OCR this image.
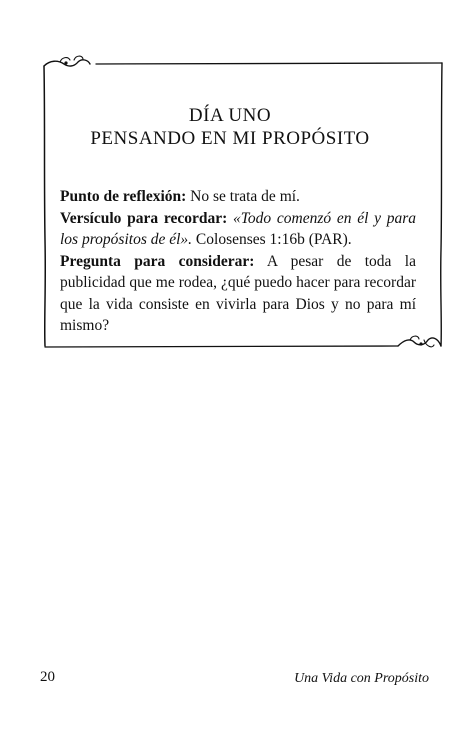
DÍA UNO
PENSANDO EN MI PROPÓSITO

Punto de reflexión: No se trata de mí.

Versículo para recordar: «Todo comenzó en él y para los propósitos de él». Colosenses 1:16b (PAR).

Pregunta para considerar: A pesar de toda la publicidad que me rodea, ¿qué puedo hacer para recordar que la vida consiste en vivirla para Dios y no para mí mismo?

20	Una Vida con Propósito
